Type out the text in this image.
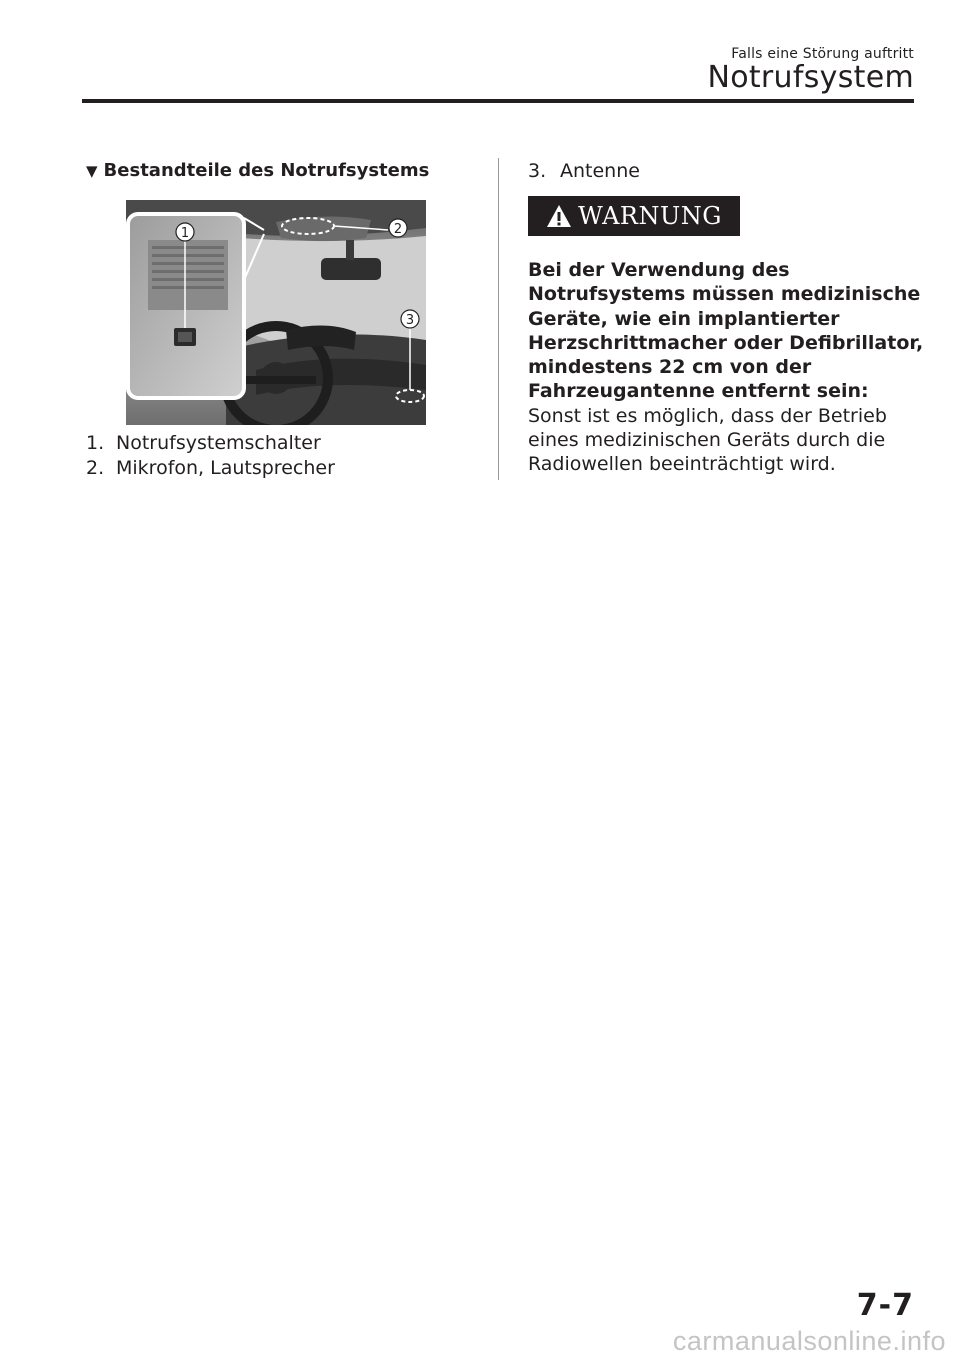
Falls eine Störung auftritt
Notrufsystem
▼ Bestandteile des Notrufsystems
1	2
3
1. Notrufsystemschalter
2. Mikrofon, Lautsprecher
3. Antenne
WARNUNG
Bei der Verwendung des
Notrufsystems müssen medizinische
Geräte, wie ein implantierter
Herzschrittmacher oder Defibrillator,
mindestens 22 cm von der
Fahrzeugantenne entfernt sein:
Sonst ist es möglich, dass der Betrieb
eines medizinischen Geräts durch die
Radiowellen beeinträchtigt wird.
7-7
carmanualsonline.info
